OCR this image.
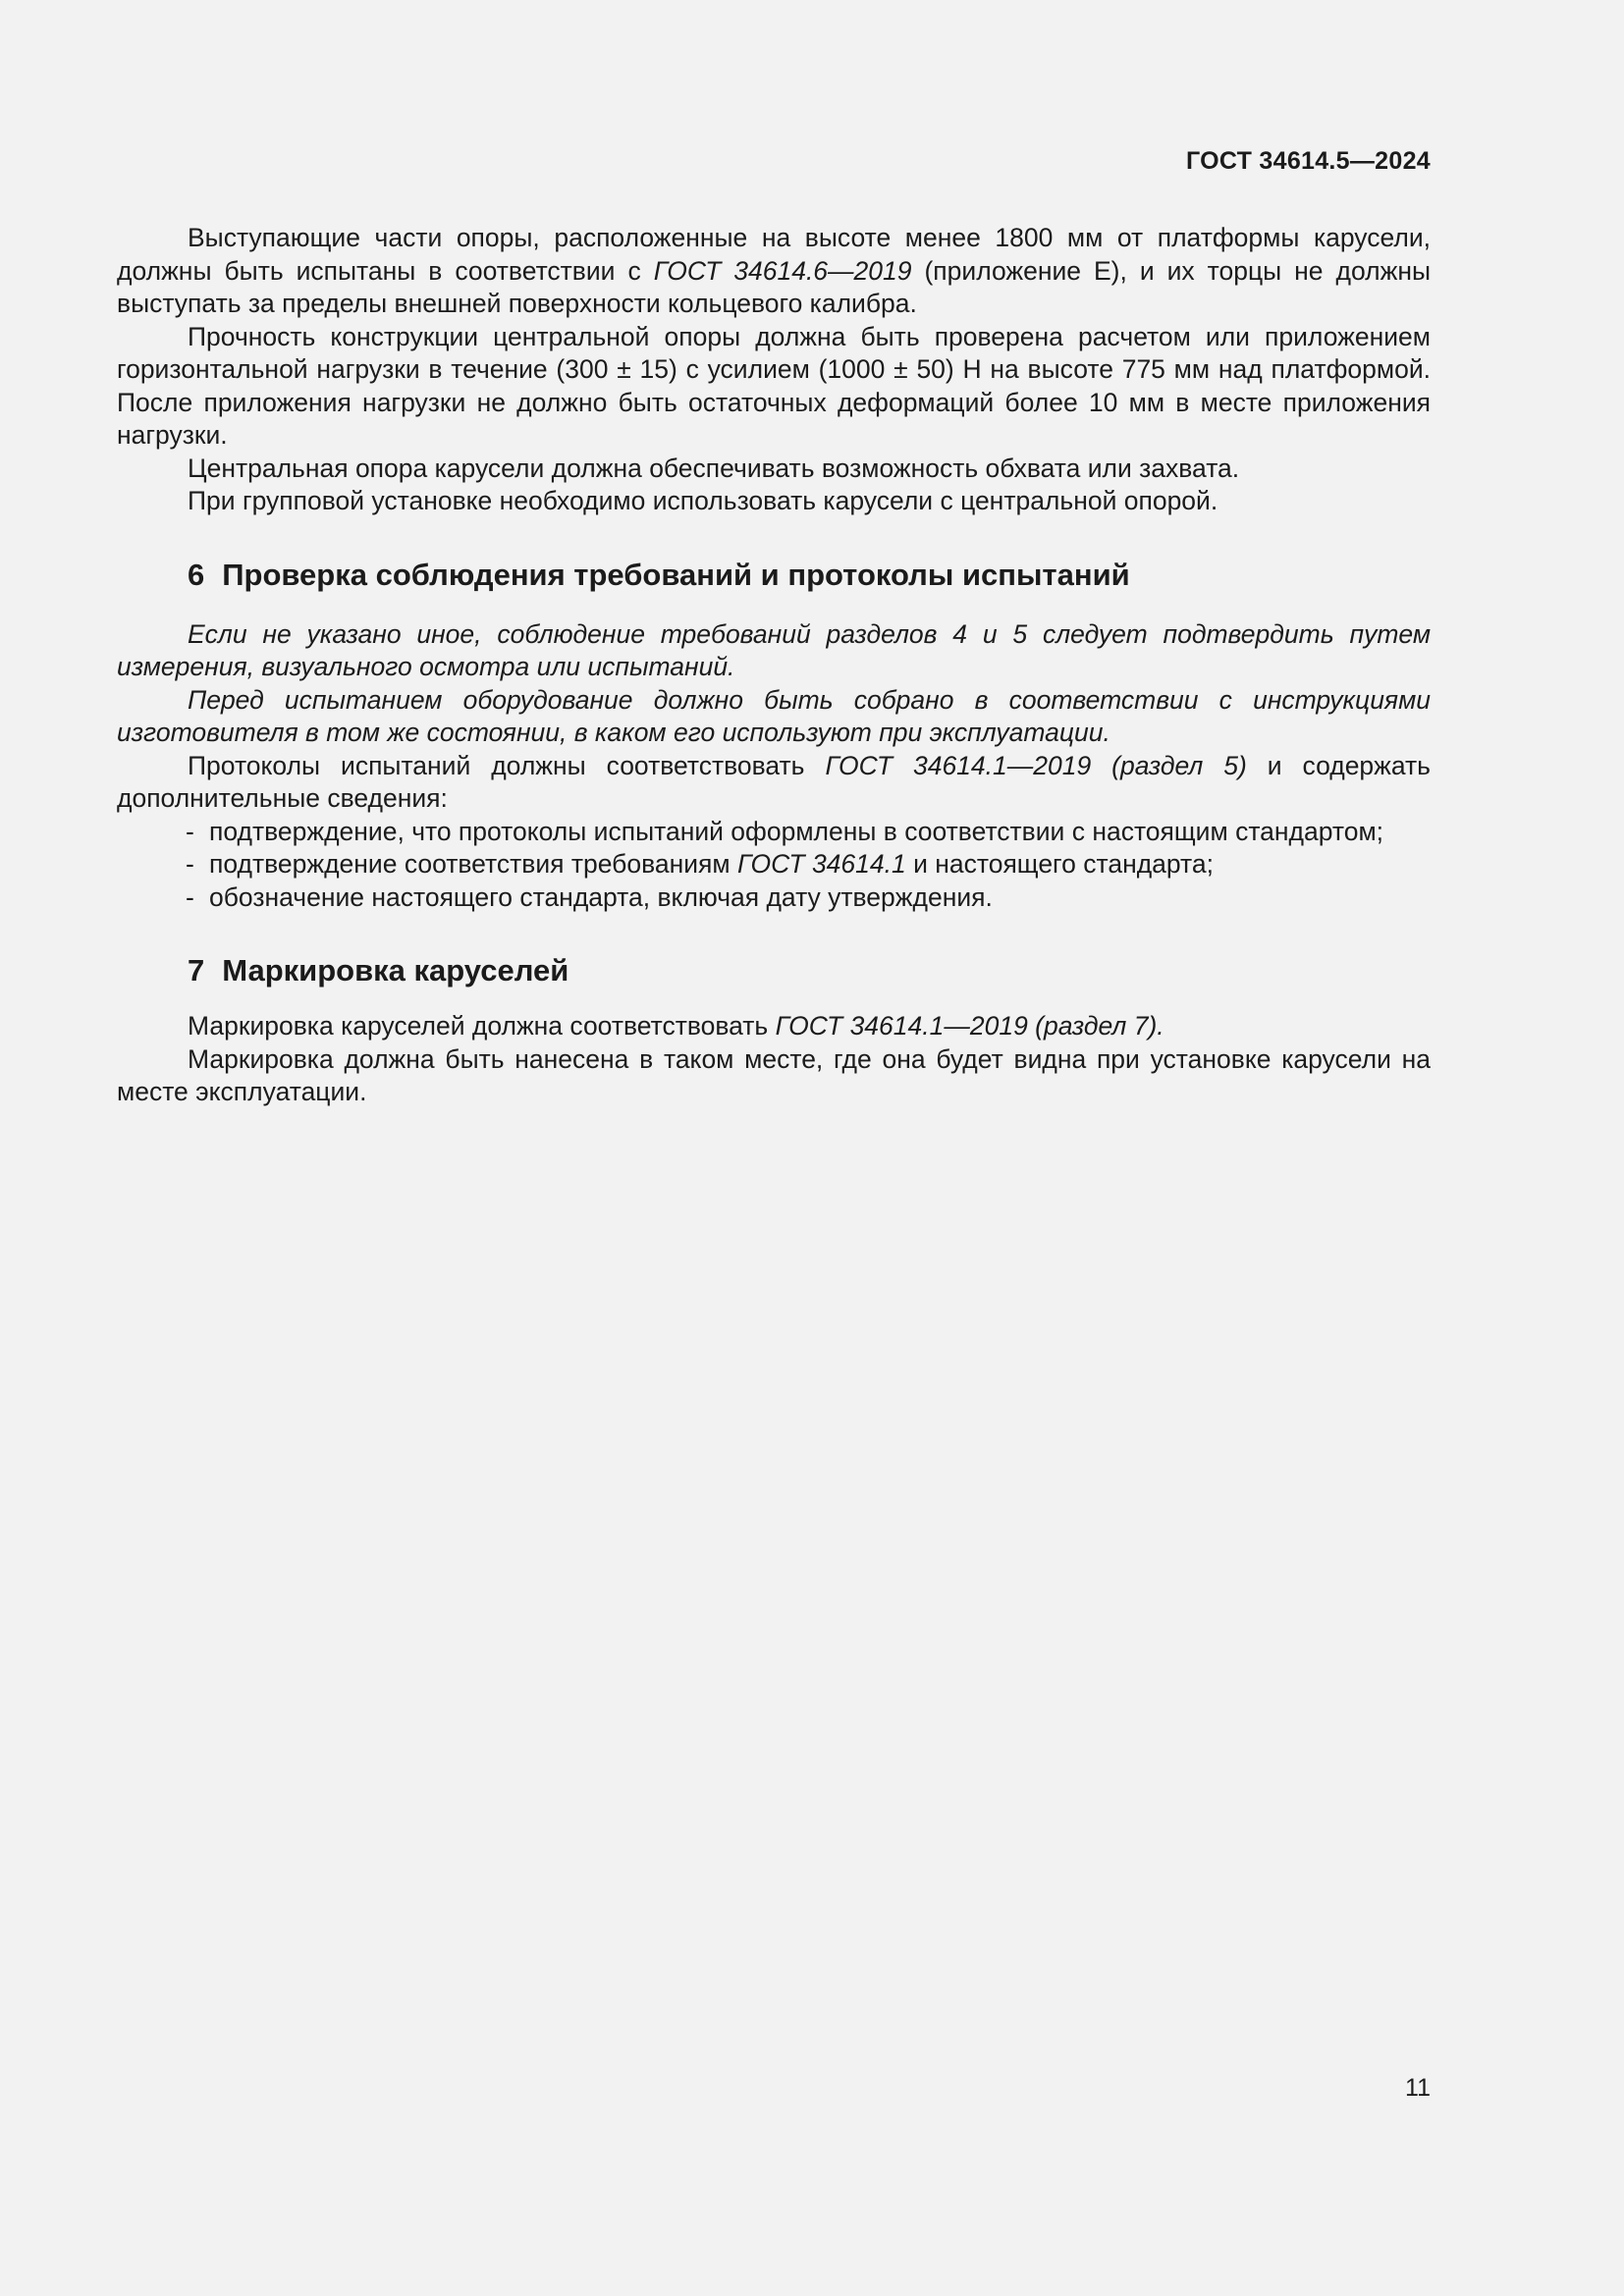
ГОСТ 34614.5—2024

Выступающие части опоры, расположенные на высоте менее 1800 мм от платформы карусели, должны быть испытаны в соответствии с ГОСТ 34614.6—2019 (приложение Е), и их торцы не должны выступать за пределы внешней поверхности кольцевого калибра.

Прочность конструкции центральной опоры должна быть проверена расчетом или приложением горизонтальной нагрузки в течение (300 ± 15) с усилием (1000 ± 50) Н на высоте 775 мм над платформой. После приложения нагрузки не должно быть остаточных деформаций более 10 мм в месте приложения нагрузки.

Центральная опора карусели должна обеспечивать возможность обхвата или захвата.

При групповой установке необходимо использовать карусели с центральной опорой.

6 Проверка соблюдения требований и протоколы испытаний

Если не указано иное, соблюдение требований разделов 4 и 5 следует подтвердить путем измерения, визуального осмотра или испытаний.

Перед испытанием оборудование должно быть собрано в соответствии с инструкциями изготовителя в том же состоянии, в каком его используют при эксплуатации.

Протоколы испытаний должны соответствовать ГОСТ 34614.1—2019 (раздел 5) и содержать дополнительные сведения:

- подтверждение, что протоколы испытаний оформлены в соответствии с настоящим стандартом;

- подтверждение соответствия требованиям ГОСТ 34614.1 и настоящего стандарта;

- обозначение настоящего стандарта, включая дату утверждения.

7 Маркировка каруселей

Маркировка каруселей должна соответствовать ГОСТ 34614.1—2019 (раздел 7).

Маркировка должна быть нанесена в таком месте, где она будет видна при установке карусели на месте эксплуатации.

11
